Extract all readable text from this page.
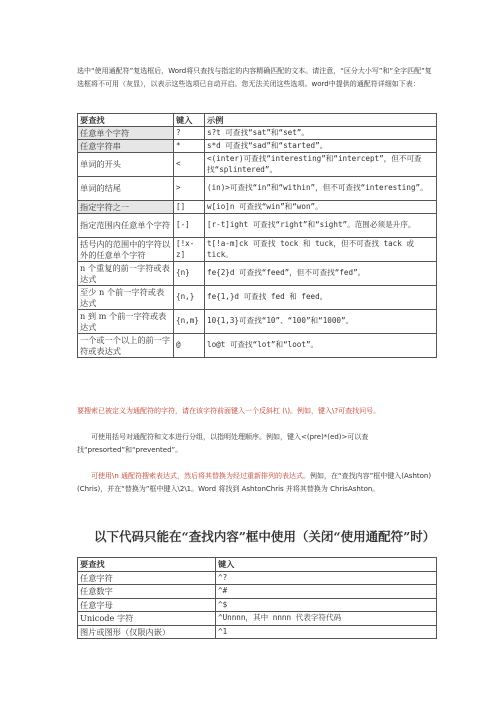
选中“使用通配符”复选框后，Word将只查找与指定的内容精确匹配的文本。请注意，“区分大小写”和“全字匹配”复选框将不可用（灰显），以表示这些选项已自动开启。您无法关闭这些选项。word中提供的通配符详细如下表：
要查找	键入	示例
任意单个字符	?	s?t 可查找“sat”和“set”。
任意字符串	*	s*d 可查找“sad”和“started”。
单词的开头	<	<(inter)可查找“interesting”和“intercept”，但不可查找“splintered”。
单词的结尾	>	(in)>可查找“in”和“within”，但不可查找“interesting”。
指定字符之一	[]	w[io]n 可查找“win”和“won”。
指定范围内任意单个字符	[-]	[r-t]ight 可查找“right”和“sight”。范围必须是升序。
括号内的范围中的字符以外的任意单个字符	[!x-z]	t[!a-m]ck 可查找 tock 和 tuck，但不可查找 tack 或 tick。
n 个重复的前一字符或表达式	{n}	fe{2}d 可查找“feed”，但不可查找“fed”。
至少 n 个前一字符或表达式	{n,}	fe{1,}d 可查找 fed 和 feed。
n 到 m 个前一字符或表达式	{n,m}	10{1,3}可查找“10”、“100”和“1000”。
一个或一个以上的前一字符或表达式	@	lo@t 可查找“lot”和“loot”。
要搜索已被定义为通配符的字符，请在该字符前面键入一个反斜杠 (\)。例如，键入\?可查找问号。
可使用括号对通配符和文本进行分组，以指明处理顺序。例如，键入<(pre)*(ed)>可以查找“presorted”和“prevented”。
可使用\n 通配符搜索表达式，然后将其替换为经过重新排列的表达式。例如，在“查找内容”框中键入(Ashton)(Chris)，并在“替换为”框中键入\2\1。Word 将找到 AshtonChris 并将其替换为 ChrisAshton。
以下代码只能在“查找内容”框中使用（关闭“使用通配符”时）
要查找	键入
任意字符	^?
任意数字	^#
任意字母	^$
Unicode 字符	^Unnnn，其中 nnnn 代表字符代码
图片或图形（仅限内嵌）	^1
